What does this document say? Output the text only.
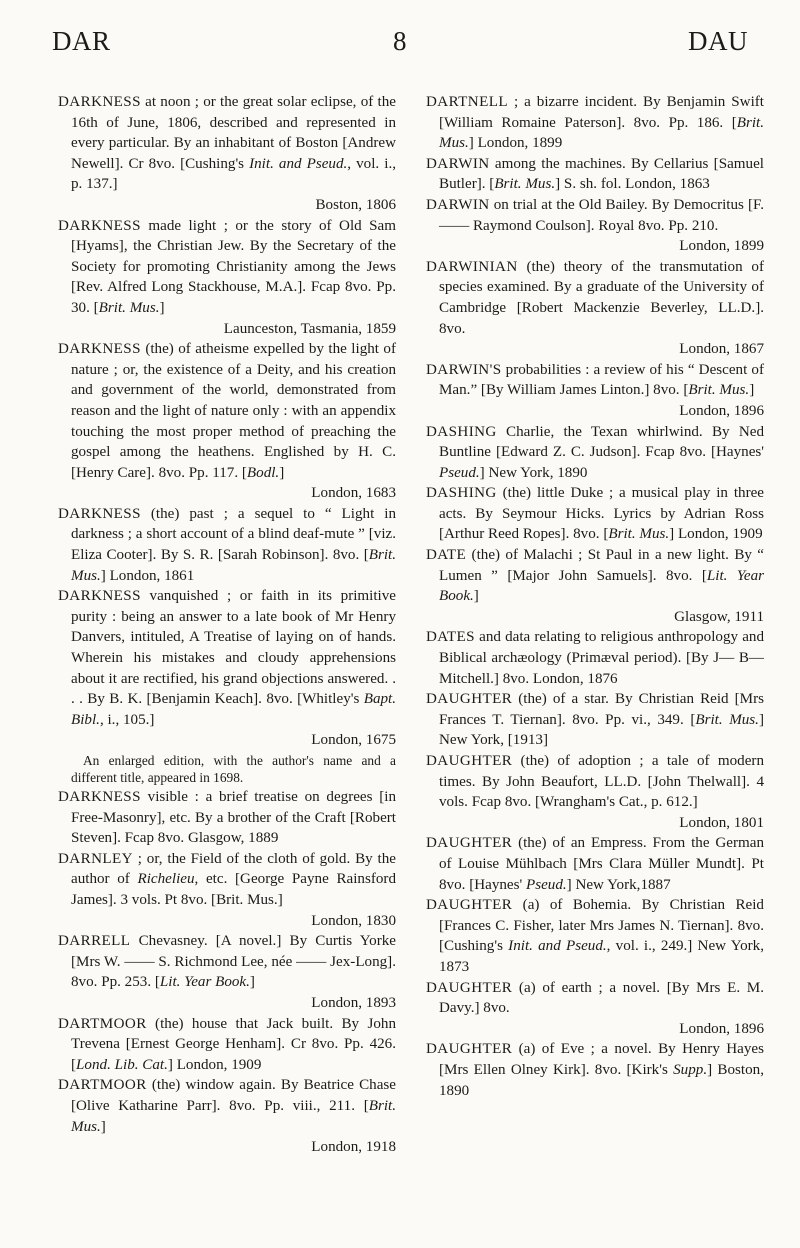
DAR	8	DAU

DARKNESS at noon ; or the great solar eclipse, of the 16th of June, 1806, described and represented in every particular. By an inhabitant of Boston [Andrew Newell]. Cr 8vo. [Cushing's Init. and Pseud., vol. i., p. 137.]
Boston, 1806

DARKNESS made light ; or the story of Old Sam [Hyams], the Christian Jew. By the Secretary of the Society for promoting Christianity among the Jews [Rev. Alfred Long Stackhouse, M.A.]. Fcap 8vo. Pp. 30. [Brit. Mus.]
Launceston, Tasmania, 1859

DARKNESS (the) of atheisme expelled by the light of nature ; or, the existence of a Deity, and his creation and government of the world, demonstrated from reason and the light of nature only : with an appendix touching the most proper method of preaching the gospel among the heathens. Englished by H. C. [Henry Care]. 8vo. Pp. 117. [Bodl.]
London, 1683

DARKNESS (the) past ; a sequel to “ Light in darkness ; a short account of a blind deaf-mute ” [viz. Eliza Cooter]. By S. R. [Sarah Robinson]. 8vo. [Brit. Mus.] London, 1861

DARKNESS vanquished ; or faith in its primitive purity : being an answer to a late book of Mr Henry Danvers, intituled, A Treatise of laying on of hands. Wherein his mistakes and cloudy apprehensions about it are rectified, his grand objections answered. . . . By B. K. [Benjamin Keach]. 8vo. [Whitley's Bapt. Bibl., i., 105.]
London, 1675

An enlarged edition, with the author's name and a different title, appeared in 1698.

DARKNESS visible : a brief treatise on degrees [in Free-Masonry], etc. By a brother of the Craft [Robert Steven]. Fcap 8vo. Glasgow, 1889

DARNLEY ; or, the Field of the cloth of gold. By the author of Richelieu, etc. [George Payne Rainsford James]. 3 vols. Pt 8vo. [Brit. Mus.]
London, 1830

DARRELL Chevasney. [A novel.] By Curtis Yorke [Mrs W. —— S. Richmond Lee, née —— Jex-Long]. 8vo. Pp. 253. [Lit. Year Book.]
London, 1893

DARTMOOR (the) house that Jack built. By John Trevena [Ernest George Henham]. Cr 8vo. Pp. 426. [Lond. Lib. Cat.] London, 1909

DARTMOOR (the) window again. By Beatrice Chase [Olive Katharine Parr]. 8vo. Pp. viii., 211. [Brit. Mus.]
London, 1918

DARTNELL ; a bizarre incident. By Benjamin Swift [William Romaine Paterson]. 8vo. Pp. 186. [Brit. Mus.] London, 1899

DARWIN among the machines. By Cellarius [Samuel Butler]. [Brit. Mus.] S. sh. fol. London, 1863

DARWIN on trial at the Old Bailey. By Democritus [F. —— Raymond Coulson]. Royal 8vo. Pp. 210.
London, 1899

DARWINIAN (the) theory of the transmutation of species examined. By a graduate of the University of Cambridge [Robert Mackenzie Beverley, LL.D.]. 8vo.
London, 1867

DARWIN'S probabilities : a review of his “ Descent of Man.” [By William James Linton.] 8vo. [Brit. Mus.]
London, 1896

DASHING Charlie, the Texan whirlwind. By Ned Buntline [Edward Z. C. Judson]. Fcap 8vo. [Haynes' Pseud.] New York, 1890

DASHING (the) little Duke ; a musical play in three acts. By Seymour Hicks. Lyrics by Adrian Ross [Arthur Reed Ropes]. 8vo. [Brit. Mus.] London, 1909

DATE (the) of Malachi ; St Paul in a new light. By “ Lumen ” [Major John Samuels]. 8vo. [Lit. Year Book.]
Glasgow, 1911

DATES and data relating to religious anthropology and Biblical archæology (Primæval period). [By J— B— Mitchell.] 8vo. London, 1876

DAUGHTER (the) of a star. By Christian Reid [Mrs Frances T. Tiernan]. 8vo. Pp. vi., 349. [Brit. Mus.] New York, [1913]

DAUGHTER (the) of adoption ; a tale of modern times. By John Beaufort, LL.D. [John Thelwall]. 4 vols. Fcap 8vo. [Wrangham's Cat., p. 612.]
London, 1801

DAUGHTER (the) of an Empress. From the German of Louise Mühlbach [Mrs Clara Müller Mundt]. Pt 8vo. [Haynes' Pseud.] New York,1887

DAUGHTER (a) of Bohemia. By Christian Reid [Frances C. Fisher, later Mrs James N. Tiernan]. 8vo. [Cushing's Init. and Pseud., vol. i., 249.] New York, 1873

DAUGHTER (a) of earth ; a novel. [By Mrs E. M. Davy.] 8vo.
London, 1896

DAUGHTER (a) of Eve ; a novel. By Henry Hayes [Mrs Ellen Olney Kirk]. 8vo. [Kirk's Supp.] Boston, 1890
